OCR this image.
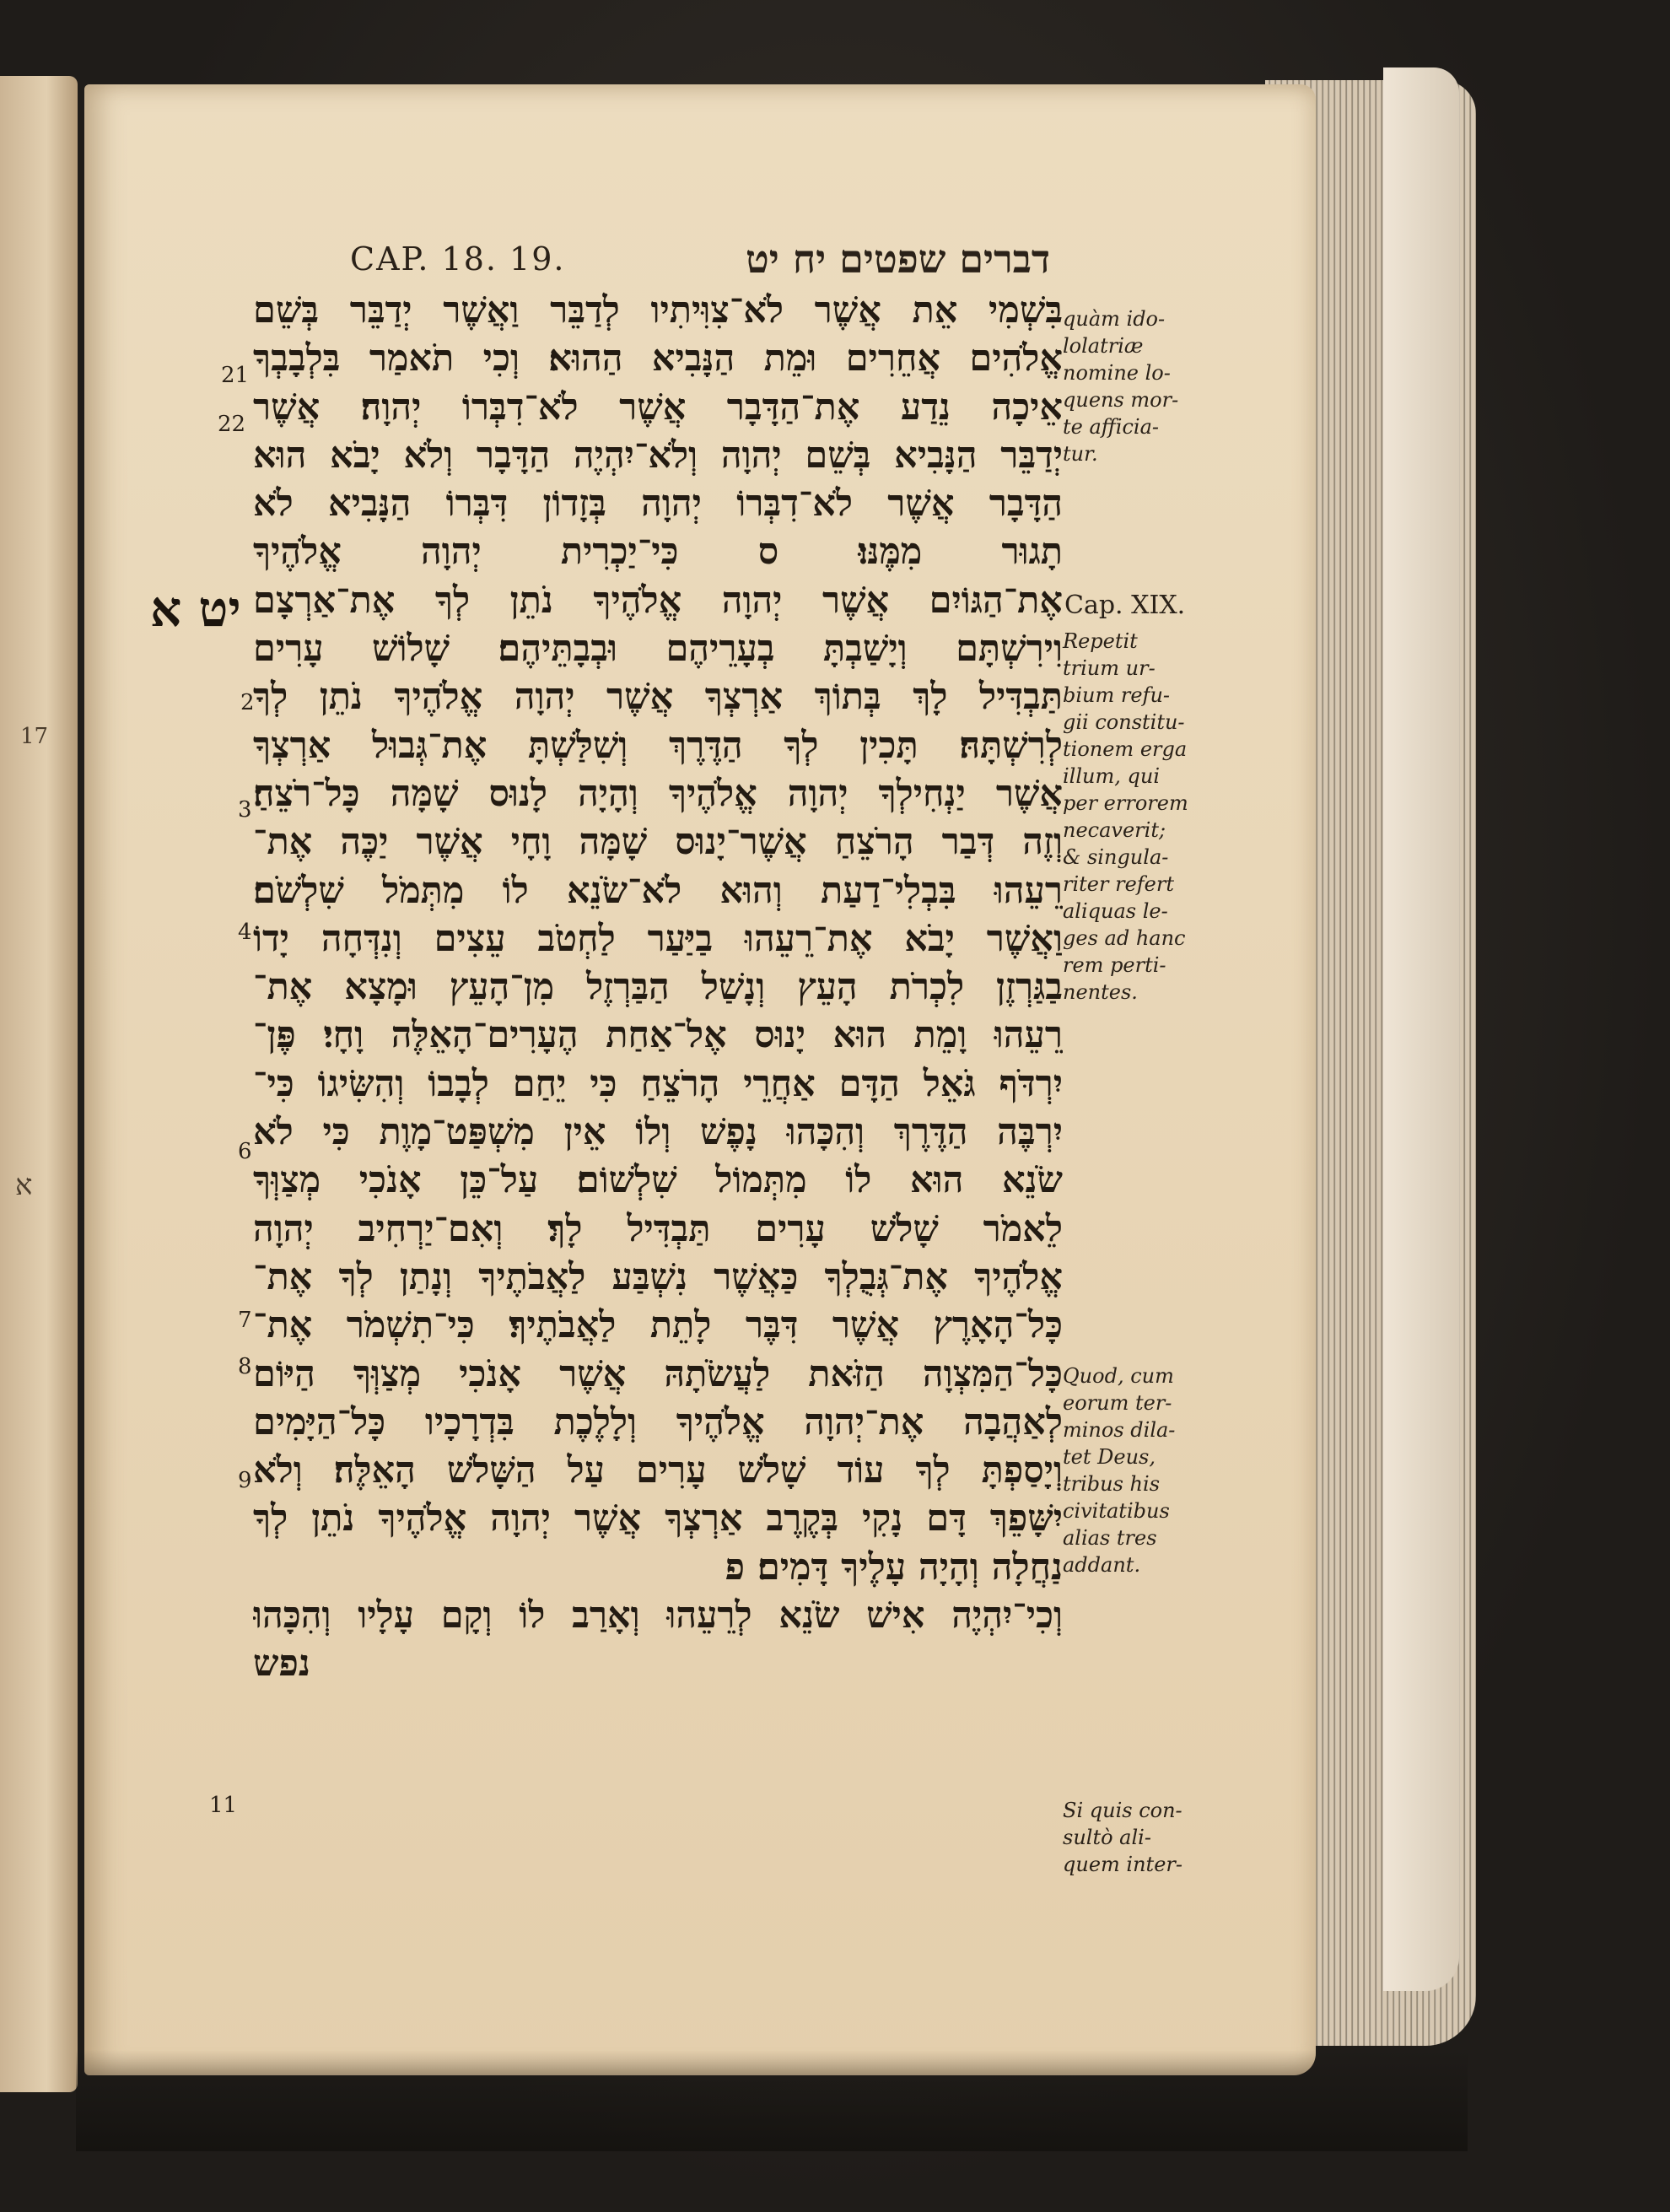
17
א
CAP. 18. 19.	דברים שפטים יח יט
יט א
21
22
2
3
4
6
7
8
9
11
בִּשְׁמִי אֵת אֲשֶׁר לֹא־צִוִּיתִיו לְדַבֵּר וַאֲשֶׁר יְדַבֵּר בְּשֵׁם
אֱלֹהִים אֲחֵרִים וּמֵת הַנָּבִיא הַהוּא׃ וְכִי תֹאמַר בִּלְבָבְךָ
אֵיכָה נֵדַע אֶת־הַדָּבָר אֲשֶׁר לֹא־דִבְּרוֹ יְהוָה׃ אֲשֶׁר
יְדַבֵּר הַנָּבִיא בְּשֵׁם יְהוָה וְלֹא־יִהְיֶה הַדָּבָר וְלֹא יָבֹא הוּא
הַדָּבָר אֲשֶׁר לֹא־דִבְּרוֹ יְהוָה בְּזָדוֹן דִּבְּרוֹ הַנָּבִיא לֹא
תָגוּר מִמֶּנּוּ׃ ס כִּי־יַכְרִית יְהוָה אֱלֹהֶיךָ
אֶת־הַגּוֹיִם אֲשֶׁר יְהוָה אֱלֹהֶיךָ נֹתֵן לְךָ אֶת־אַרְצָם
וִירִשְׁתָּם וְיָשַׁבְתָּ בְעָרֵיהֶם וּבְבָתֵּיהֶם׃ שָׁלוֹשׁ עָרִים
תַּבְדִּיל לָךְ בְּתוֹךְ אַרְצְךָ אֲשֶׁר יְהוָה אֱלֹהֶיךָ נֹתֵן לְךָ
לְרִשְׁתָּהּ׃ תָּכִין לְךָ הַדֶּרֶךְ וְשִׁלַּשְׁתָּ אֶת־גְּבוּל אַרְצְךָ
אֲשֶׁר יַנְחִילְךָ יְהוָה אֱלֹהֶיךָ וְהָיָה לָנוּס שָׁמָּה כָּל־רֹצֵחַ׃
וְזֶה דְּבַר הָרֹצֵחַ אֲשֶׁר־יָנוּס שָׁמָּה וָחָי אֲשֶׁר יַכֶּה אֶת־
רֵעֵהוּ בִּבְלִי־דַעַת וְהוּא לֹא־שֹׂנֵא לוֹ מִתְּמֹל שִׁלְשֹׁם׃
וַאֲשֶׁר יָבֹא אֶת־רֵעֵהוּ בַיַּעַר לַחְטֹב עֵצִים וְנִדְּחָה יָדוֹ
בַגַּרְזֶן לִכְרֹת הָעֵץ וְנָשַׁל הַבַּרְזֶל מִן־הָעֵץ וּמָצָא אֶת־
רֵעֵהוּ וָמֵת הוּא יָנוּס אֶל־אַחַת הֶעָרִים־הָאֵלֶּה וָחָי׃ פֶּן־
יִרְדֹּף גֹּאֵל הַדָּם אַחֲרֵי הָרֹצֵחַ כִּי יֵחַם לְבָבוֹ וְהִשִּׂיגוֹ כִּי־
יִרְבֶּה הַדֶּרֶךְ וְהִכָּהוּ נָפֶשׁ וְלוֹ אֵין מִשְׁפַּט־מָוֶת כִּי לֹא
שֹׂנֵא הוּא לוֹ מִתְּמוֹל שִׁלְשׁוֹם׃ עַל־כֵּן אָנֹכִי מְצַוְּךָ
לֵאמֹר שָׁלֹשׁ עָרִים תַּבְדִּיל לָךְ׃ וְאִם־יַרְחִיב יְהוָה
אֱלֹהֶיךָ אֶת־גְּבֻלְךָ כַּאֲשֶׁר נִשְׁבַּע לַאֲבֹתֶיךָ וְנָתַן לְךָ אֶת־
כָּל־הָאָרֶץ אֲשֶׁר דִּבֶּר לָתֵת לַאֲבֹתֶיךָ׃ כִּי־תִשְׁמֹר אֶת־
כָּל־הַמִּצְוָה הַזֹּאת לַעֲשֹׂתָהּ אֲשֶׁר אָנֹכִי מְצַוְּךָ הַיּוֹם
לְאַהֲבָה אֶת־יְהוָה אֱלֹהֶיךָ וְלָלֶכֶת בִּדְרָכָיו כָּל־הַיָּמִים
וְיָסַפְתָּ לְךָ עוֹד שָׁלֹשׁ עָרִים עַל הַשָּׁלֹשׁ הָאֵלֶּה׃ וְלֹא
יִשָּׁפֵךְ דָּם נָקִי בְּקֶרֶב אַרְצְךָ אֲשֶׁר יְהוָה אֱלֹהֶיךָ נֹתֵן לְךָ
נַחֲלָה וְהָיָה עָלֶיךָ דָּמִים׃ פ
וְכִי־יִהְיֶה אִישׁ שֹׂנֵא לְרֵעֵהוּ וְאָרַב לוֹ וְקָם עָלָיו וְהִכָּהוּ
נפש
quàm ido-
lolatriæ
nomine lo-
quens mor-
te afficia-
tur.
Cap. XIX.
Repetit
trium ur-
bium refu-
gii constitu-
tionem erga
illum, qui
per errorem
necaverit;
& singula-
riter refert
aliquas le-
ges ad hanc
rem perti-
nentes.
Quod, cum
eorum ter-
minos dila-
tet Deus,
tribus his
civitatibus
alias tres
addant.
Si quis con-
sultò ali-
quem inter-
